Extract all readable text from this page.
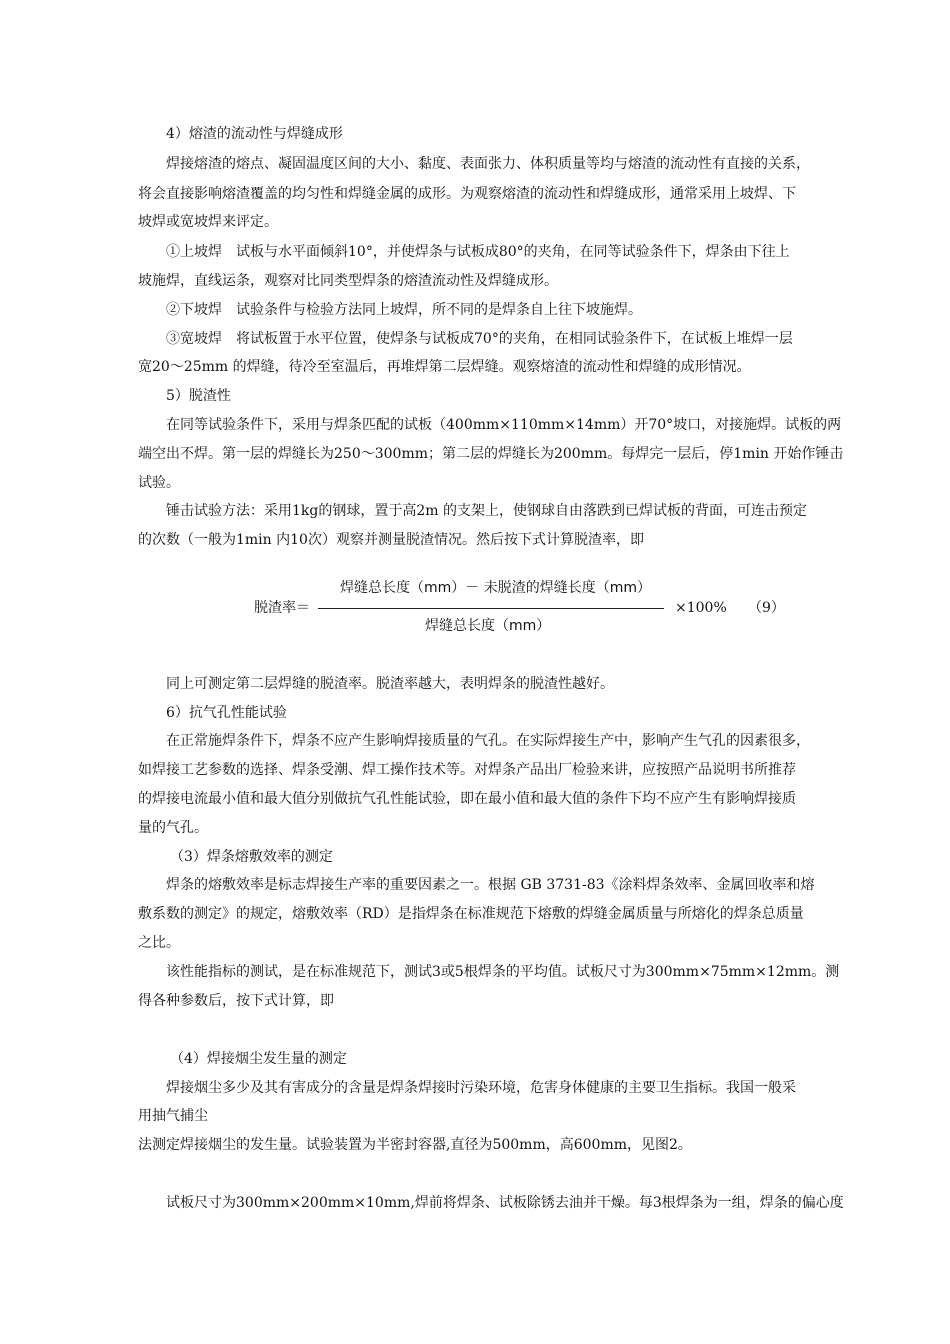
4）熔渣的流动性与焊缝成形
焊接熔渣的熔点、凝固温度区间的大小、黏度、表面张力、体积质量等均与熔渣的流动性有直接的关系，
将会直接影响熔渣覆盖的均匀性和焊缝金属的成形。为观察熔渣的流动性和焊缝成形，通常采用上坡焊、下
坡焊或宽坡焊来评定。
①上坡焊　试板与水平面倾斜10°，并使焊条与试板成80°的夹角，在同等试验条件下，焊条由下往上
坡施焊，直线运条，观察对比同类型焊条的熔渣流动性及焊缝成形。
②下坡焊　试验条件与检验方法同上坡焊，所不同的是焊条自上往下坡施焊。
③宽坡焊　将试板置于水平位置，使焊条与试板成70°的夹角，在相同试验条件下，在试板上堆焊一层
宽20～25mm 的焊缝，待冷至室温后，再堆焊第二层焊缝。观察熔渣的流动性和焊缝的成形情况。
5）脱渣性
在同等试验条件下，采用与焊条匹配的试板（400mm×110mm×14mm）开70°坡口，对接施焊。试板的两
端空出不焊。第一层的焊缝长为250～300mm；第二层的焊缝长为200mm。每焊完一层后，停1min 开始作锤击
试验。
锤击试验方法：采用1kg的钢球，置于高2m 的支架上，使钢球自由落跌到已焊试板的背面，可连击预定
的次数（一般为1min 内10次）观察并测量脱渣情况。然后按下式计算脱渣率，即
脱渣率＝
焊缝总长度（mm）－ 未脱渣的焊缝长度（mm）
焊缝总长度（mm）
×100% （9）
同上可测定第二层焊缝的脱渣率。脱渣率越大，表明焊条的脱渣性越好。
6）抗气孔性能试验
在正常施焊条件下，焊条不应产生影响焊接质量的气孔。在实际焊接生产中，影响产生气孔的因素很多，
如焊接工艺参数的选择、焊条受潮、焊工操作技术等。对焊条产品出厂检验来讲，应按照产品说明书所推荐
的焊接电流最小值和最大值分别做抗气孔性能试验，即在最小值和最大值的条件下均不应产生有影响焊接质
量的气孔。
（3）焊条熔敷效率的测定
焊条的熔敷效率是标志焊接生产率的重要因素之一。根据 GB 3731-83《涂料焊条效率、金属回收率和熔
敷系数的测定》的规定，熔敷效率（RD）是指焊条在标准规范下熔敷的焊缝金属质量与所熔化的焊条总质量
之比。
该性能指标的测试，是在标准规范下，测试3或5根焊条的平均值。试板尺寸为300mm×75mm×12mm。测
得各种参数后，按下式计算，即
（4）焊接烟尘发生量的测定
焊接烟尘多少及其有害成分的含量是焊条焊接时污染环境，危害身体健康的主要卫生指标。我国一般采
用抽气捕尘
法测定焊接烟尘的发生量。试验装置为半密封容器,直径为500mm，高600mm，见图2。
试板尺寸为300mm×200mm×10mm,焊前将焊条、试板除锈去油并干燥。每3根焊条为一组，焊条的偏心度
